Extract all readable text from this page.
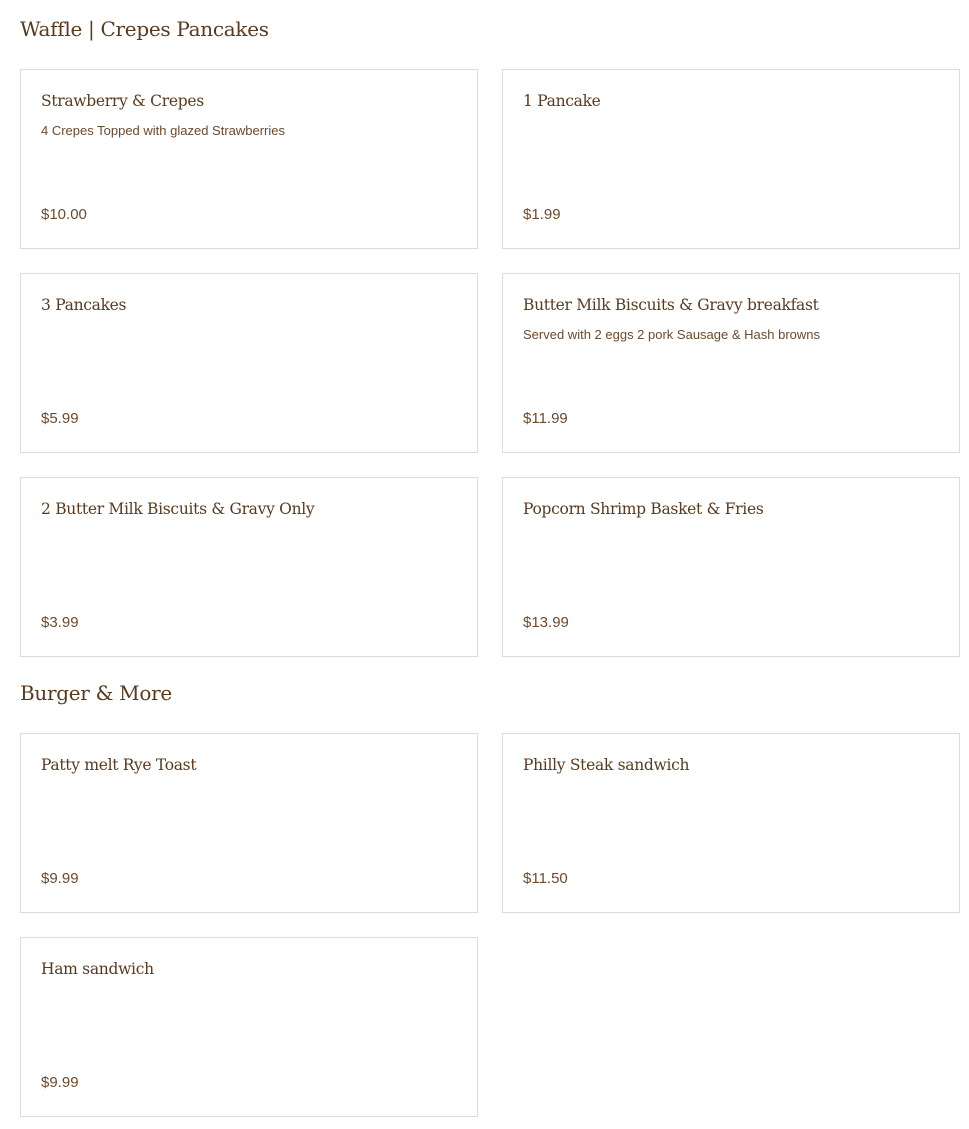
Waffle | Crepes Pancakes
Strawberry & Crepes
4 Crepes Topped with glazed Strawberries
$10.00
1 Pancake
$1.99
3 Pancakes
$5.99
Butter Milk Biscuits & Gravy breakfast
Served with 2 eggs 2 pork Sausage & Hash browns
$11.99
2 Butter Milk Biscuits & Gravy Only
$3.99
Popcorn Shrimp Basket & Fries
$13.99
Burger & More
Patty melt Rye Toast
$9.99
Philly Steak sandwich
$11.50
Ham sandwich
$9.99
